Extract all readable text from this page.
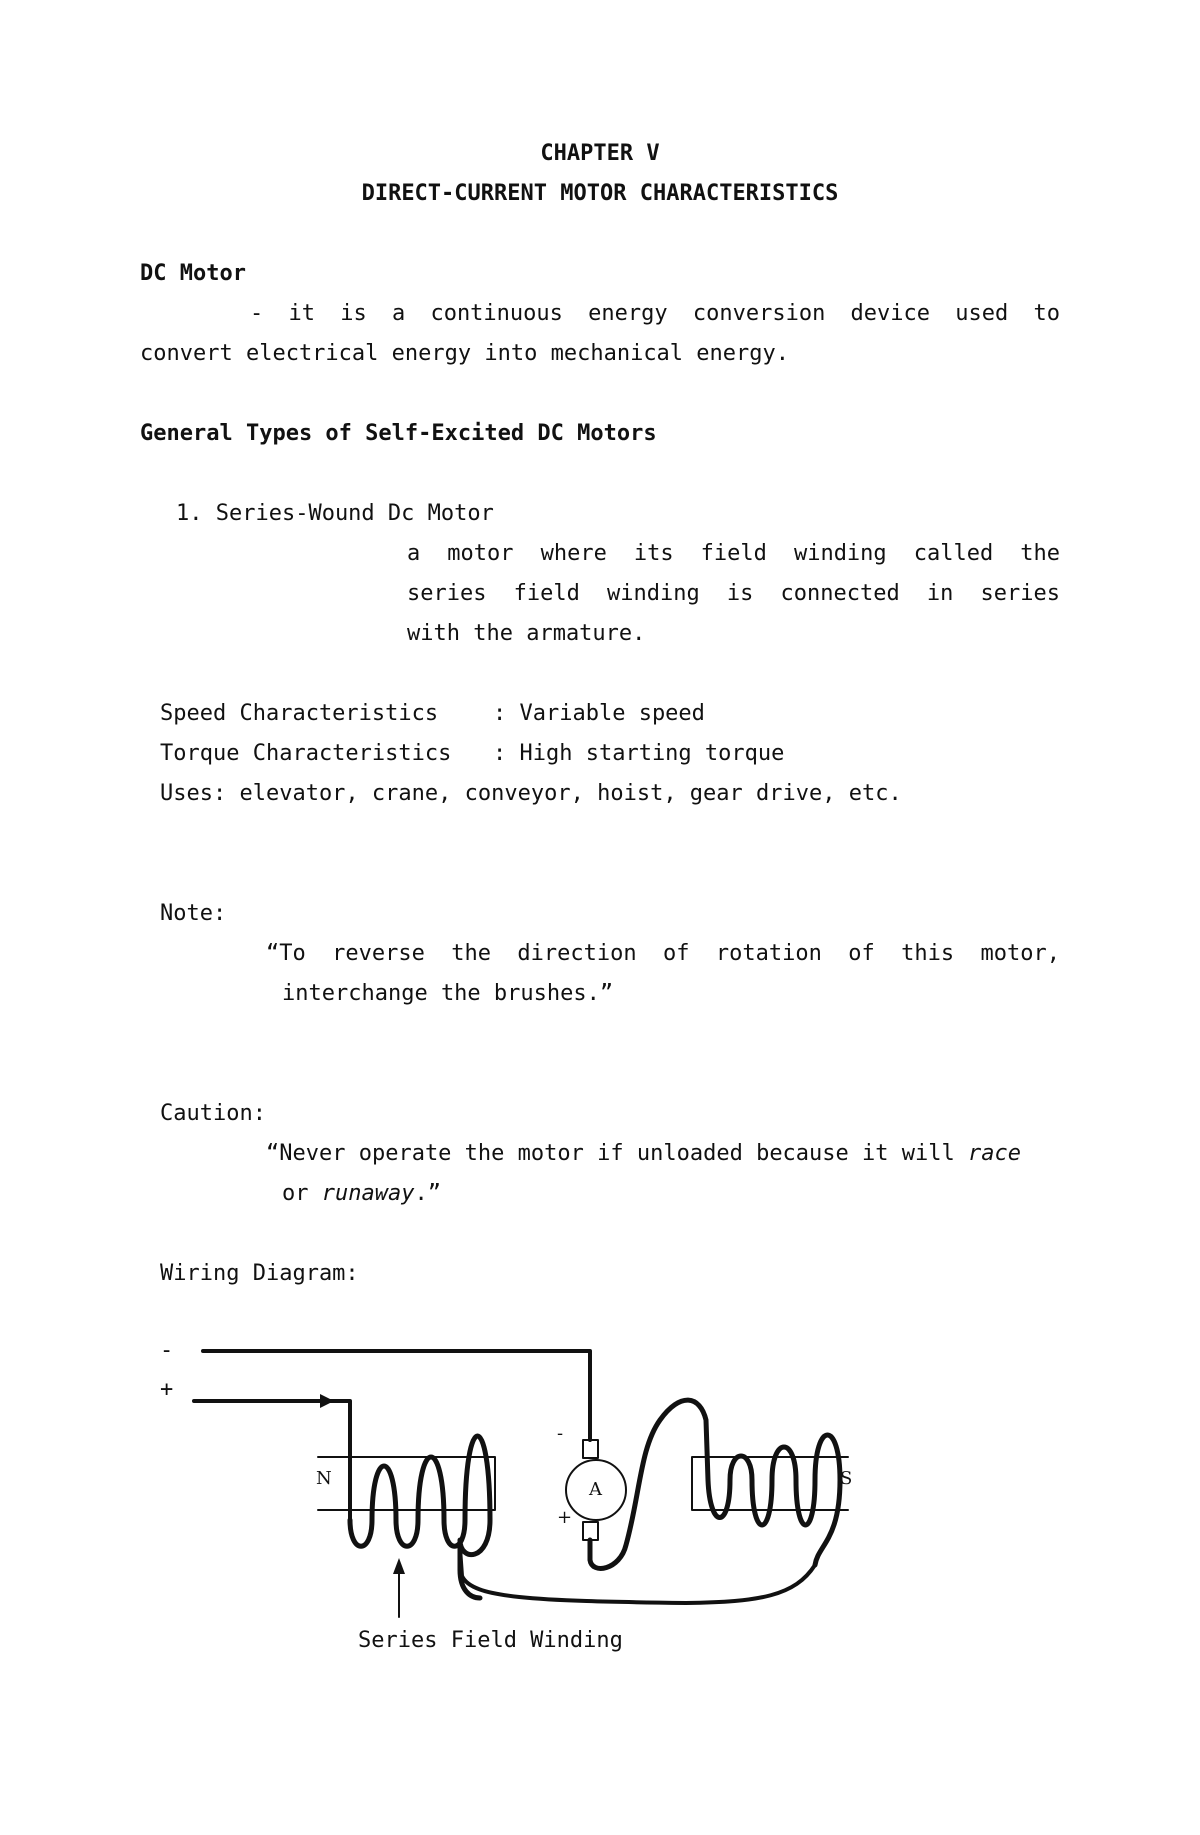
CHAPTER V
DIRECT-CURRENT MOTOR CHARACTERISTICS
DC Motor
- it is a continuous energy conversion device used to
convert electrical energy into mechanical energy.
General Types of Self-Excited DC Motors
1. Series-Wound Dc Motor
a motor where its field winding called the
series field winding is connected in series
with the armature.
Speed Characteristics : Variable speed
Torque Characteristics : High starting torque
Uses: elevator, crane, conveyor, hoist, gear drive, etc.
Note:
“To reverse the direction of rotation of this motor,
interchange the brushes.”
Caution:
“Never operate the motor if unloaded because it will race
or runaway.”
Wiring Diagram:
-
+
N	S
A
-
+
Series Field Winding
